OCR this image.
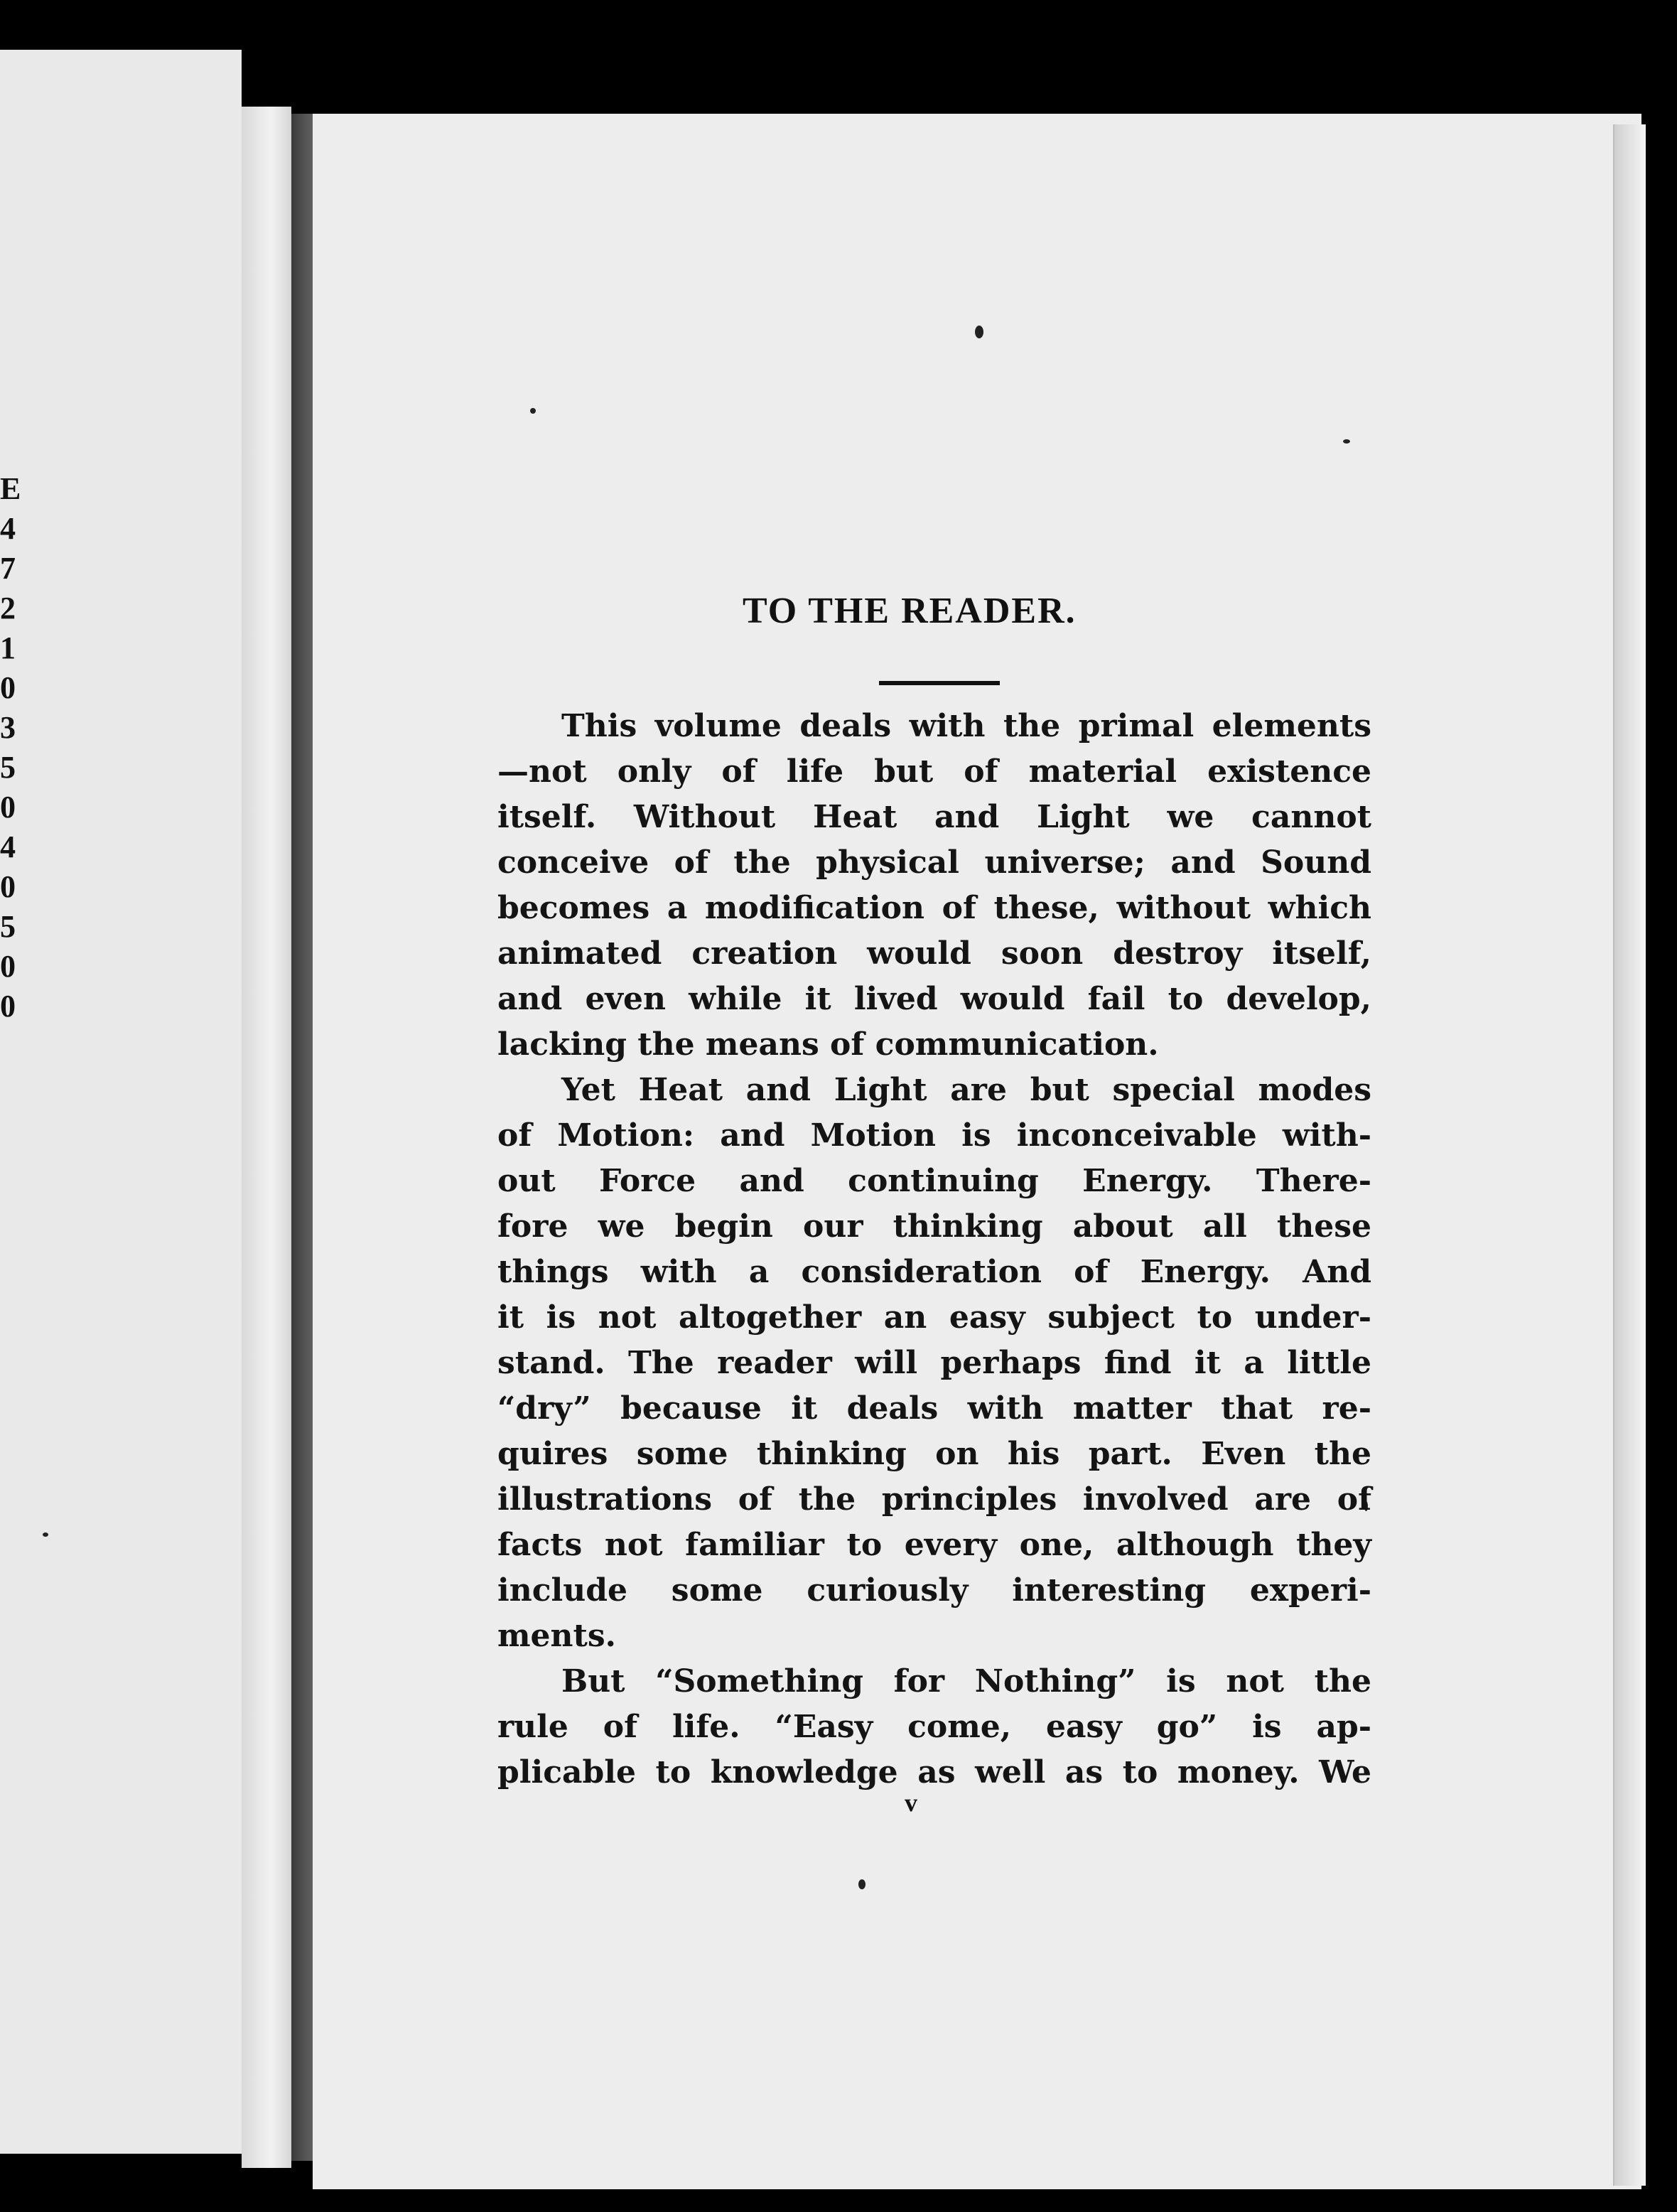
E
4
7
2
1
0
3
5
0
4
0
5
0
0
TO THE READER.
This volume deals with the primal elements
—not only of life but of material existence
itself. Without Heat and Light we cannot
conceive of the physical universe; and Sound
becomes a modification of these, without which
animated creation would soon destroy itself,
and even while it lived would fail to develop,
lacking the means of communication.
Yet Heat and Light are but special modes
of Motion: and Motion is inconceivable with-
out Force and continuing Energy. There-
fore we begin our thinking about all these
things with a consideration of Energy. And
it is not altogether an easy subject to under-
stand. The reader will perhaps find it a little
“dry” because it deals with matter that re-
quires some thinking on his part. Even the
illustrations of the principles involved are of
facts not familiar to every one, although they
include some curiously interesting experi-
ments.
But “Something for Nothing” is not the
rule of life. “Easy come, easy go” is ap-
plicable to knowledge as well as to money. We
v
